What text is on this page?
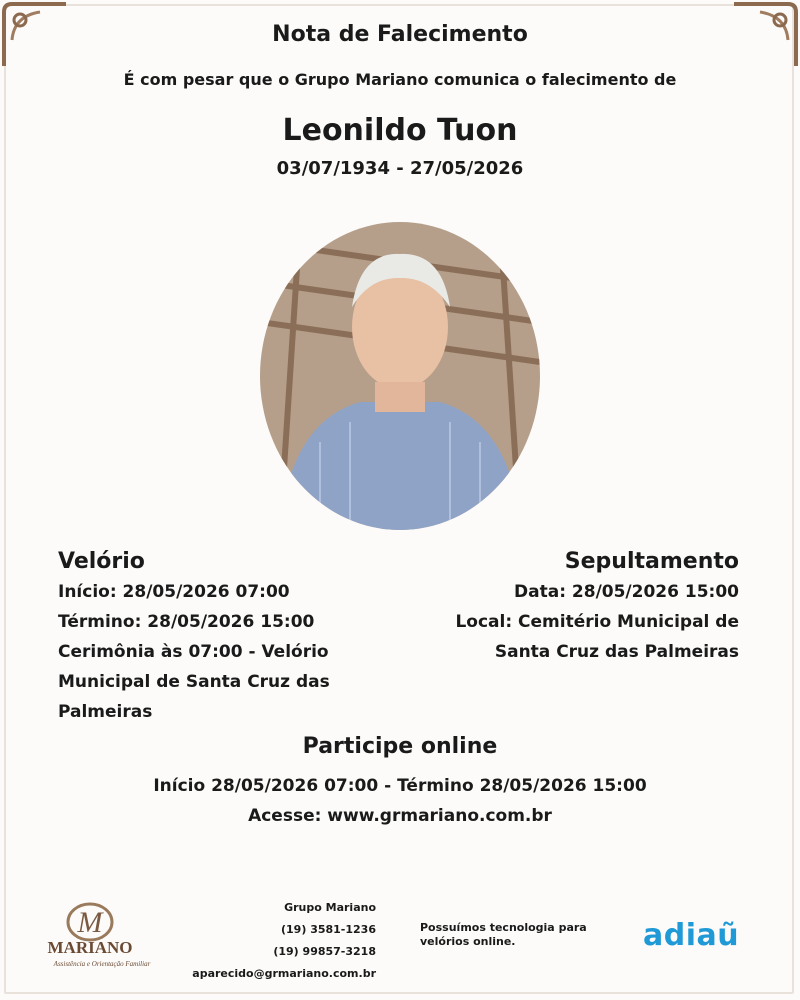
Nota de Falecimento
É com pesar que o Grupo Mariano comunica o falecimento de
Leonildo Tuon
03/07/1934 - 27/05/2026
Velório
Início: 28/05/2026 07:00
Término: 28/05/2026 15:00
Cerimônia às 07:00 - Velório
Municipal de Santa Cruz das
Palmeiras
Sepultamento
Data: 28/05/2026 15:00
Local: Cemitério Municipal de
Santa Cruz das Palmeiras
Participe online
Início 28/05/2026 07:00 - Término 28/05/2026 15:00
Acesse: www.grmariano.com.br
M
MARIANO
Assistência e Orientação Familiar
Grupo Mariano
(19) 3581-1236
(19) 99857-3218
aparecido@grmariano.com.br
Possuímos tecnologia para velórios online.	adiaũ
